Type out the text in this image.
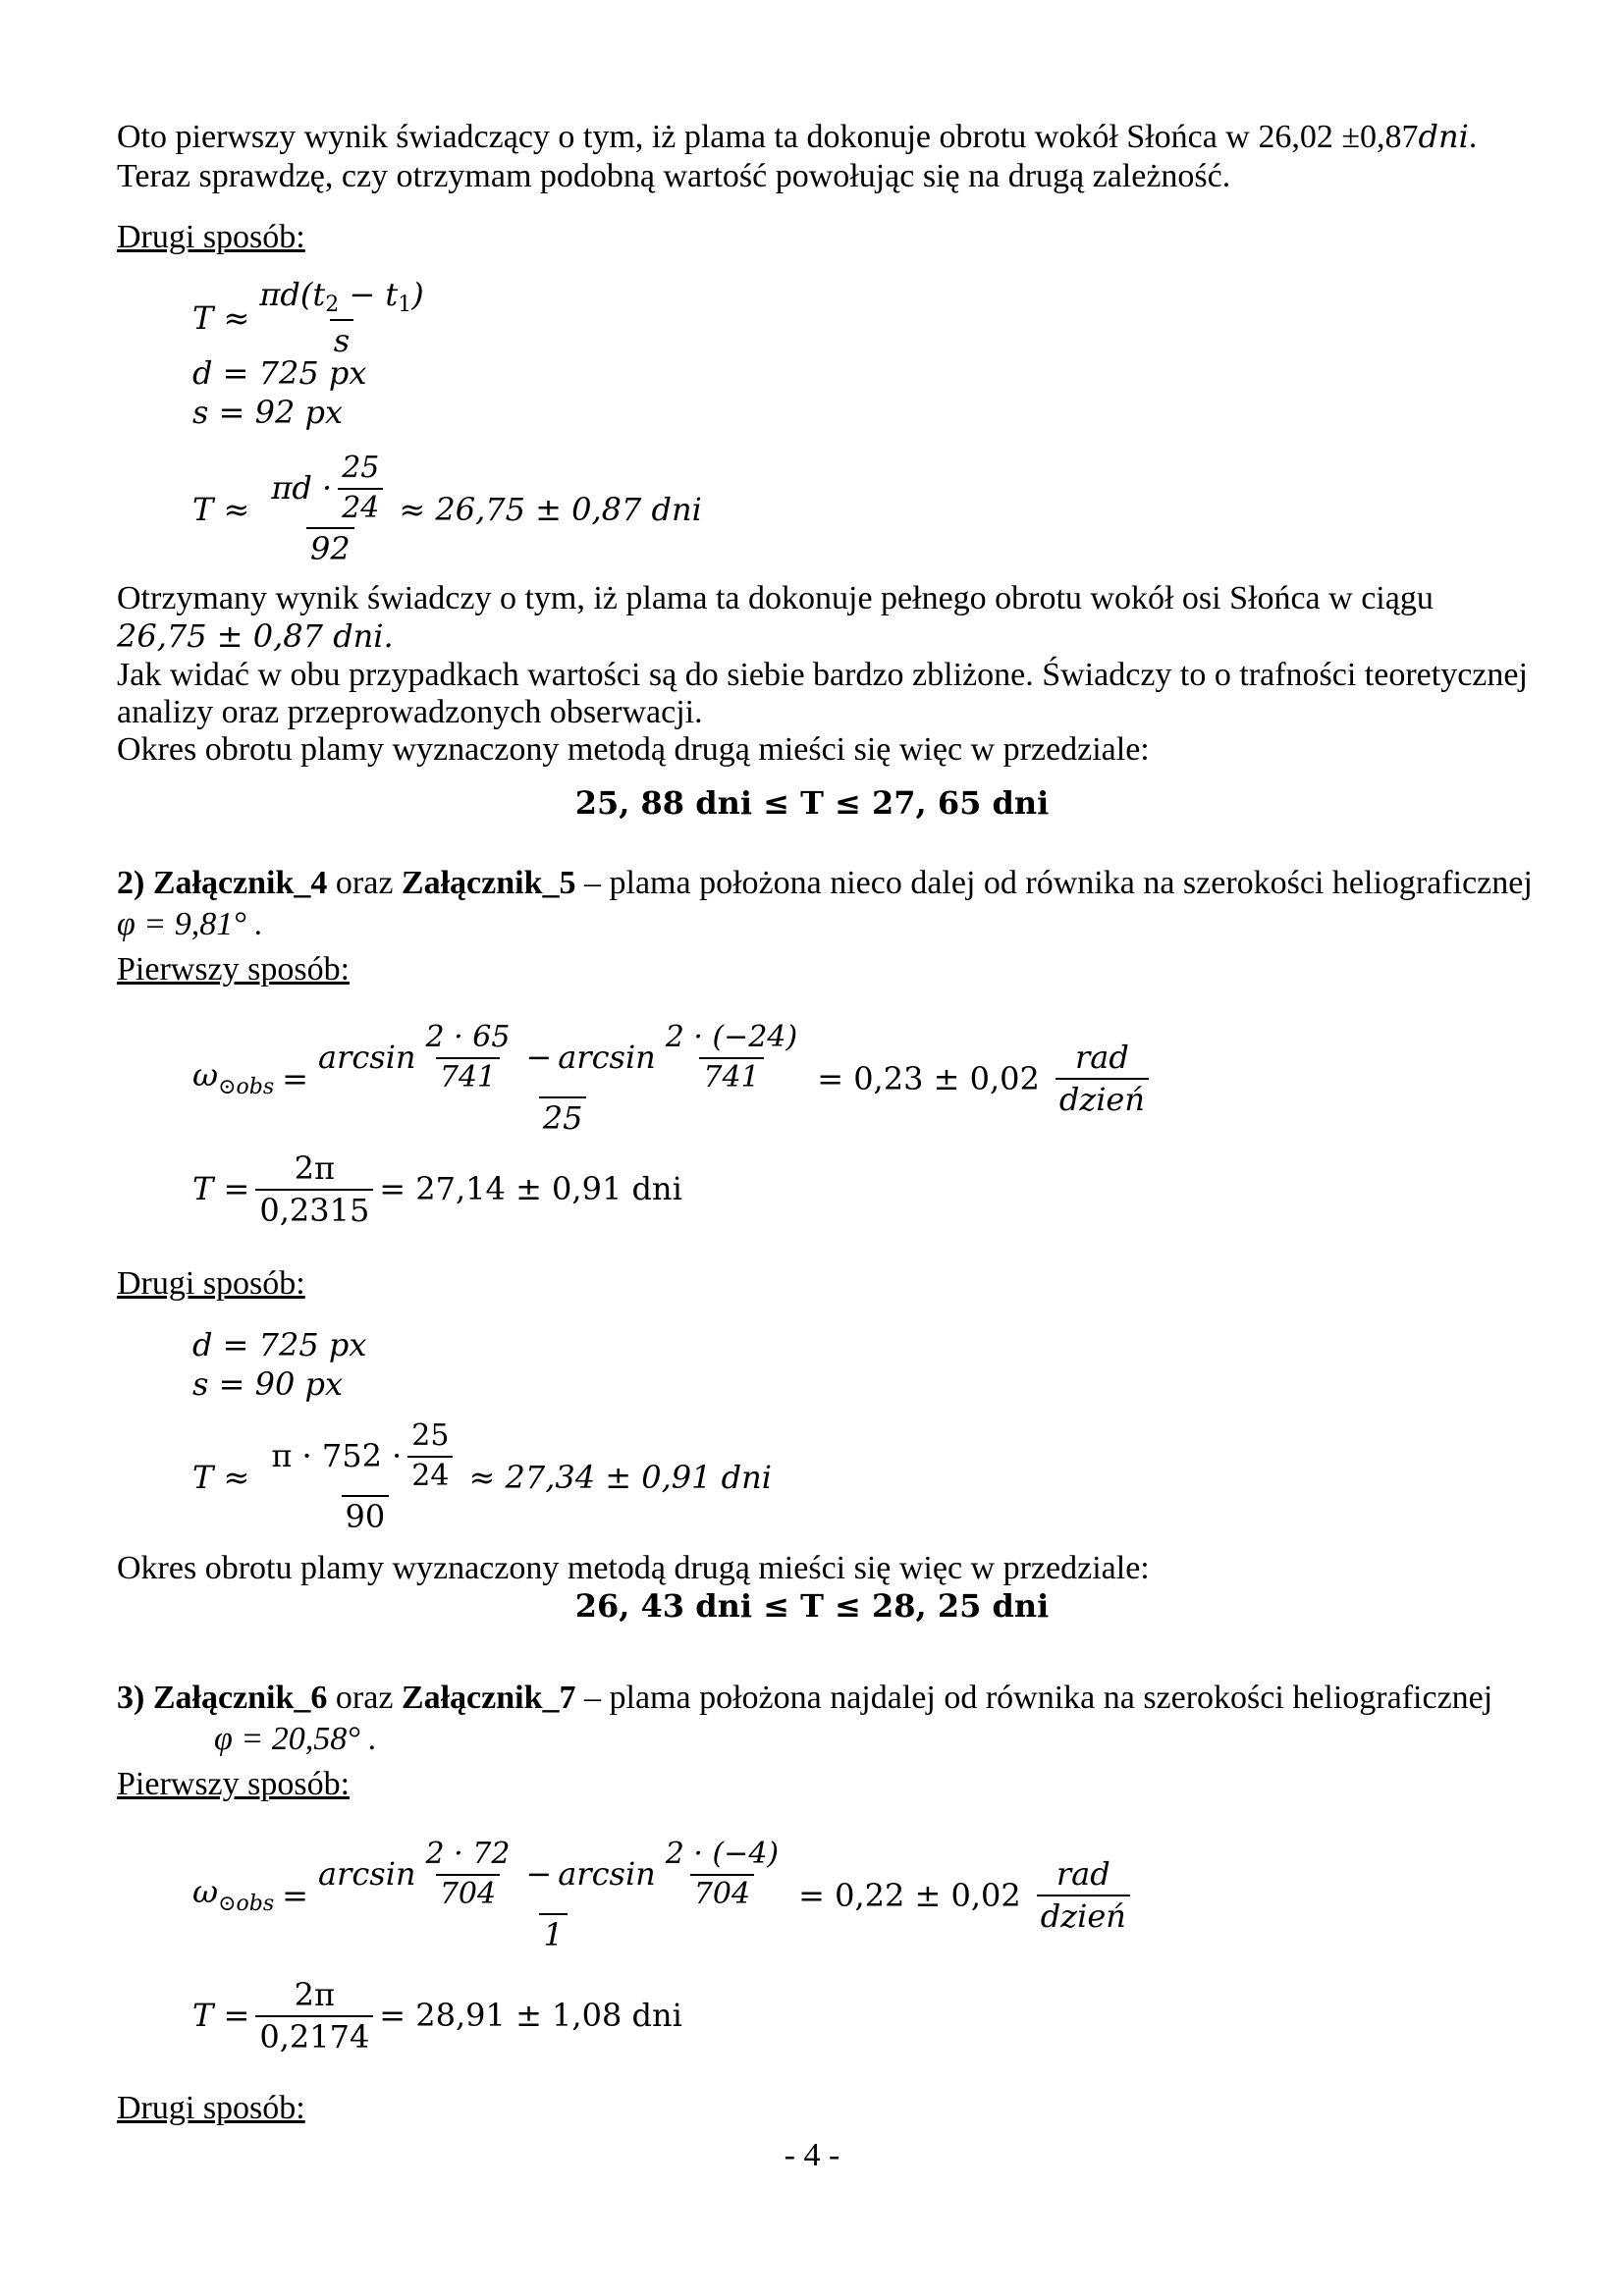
Oto pierwszy wynik świadczący o tym, iż plama ta dokonuje obrotu wokół Słońca w 26,02 ±0,87dni.
Teraz sprawdzę, czy otrzymam podobną wartość powołując się na drugą zależność.
Drugi sposób:
$T \approx \frac{\pi d(t2 - t1)}{s}$
d = 725 px
s = 92 px
$T \approx \frac{\pi d \cdot \frac{25}{24}}{92} \approx 26,75 \pm 0,87$ dni
Otrzymany wynik świadczy o tym, iż plama ta dokonuje pełnego obrotu wokół osi Słońca w ciągu
26,75 ± 0,87 dni.
Jak widać w obu przypadkach wartości są do siebie bardzo zbliżone. Świadczy to o trafności teoretycznej
analizy oraz przeprowadzonych obserwacji.
Okres obrotu plamy wyznaczony metodą drugą mieści się więc w przedziale:
25, 88 dni ≤ T ≤ 27, 65 dni
2) Załącznik_4 oraz Załącznik_5 – plama położona nieco dalej od równika na szerokości heliograficznej
φ = 9,81° .
Pierwszy sposób:
$\omega_{⊙obs}$ =
$\arcsin \frac{2 \cdot 65}{741} - \arcsin \frac{2 \cdot (-24)}{741}$
25
= $0,23 \pm 0,02 \frac{\text{rad}}{\text{dzień}}$
$T = \frac{2\pi}{0,2315} = 27,14 \pm 0,91$ dni
Drugi sposób:
d = 725 px
s = 90 px
$T \approx \frac{\pi \cdot 752 \cdot \frac{25}{24}}{90} \approx 27,34 \pm 0,91$ dni
Okres obrotu plamy wyznaczony metodą drugą mieści się więc w przedziale:
26, 43 dni ≤ T ≤ 28, 25 dni
3) Załącznik_6 oraz Załącznik_7 – plama położona najdalej od równika na szerokości heliograficznej
φ = 20,58° .
Pierwszy sposób:
$\omega_{⊙obs}$ =
$\arcsin \frac{2 \cdot 72}{704} - \arcsin \frac{2 \cdot (-4)}{704}$
1
= $0,22 \pm 0,02 \frac{\text{rad}}{\text{dzień}}$
$T = \frac{2\pi}{0,2174} = 28,91 \pm 1,08$ dni
Drugi sposób:
- 4 -
